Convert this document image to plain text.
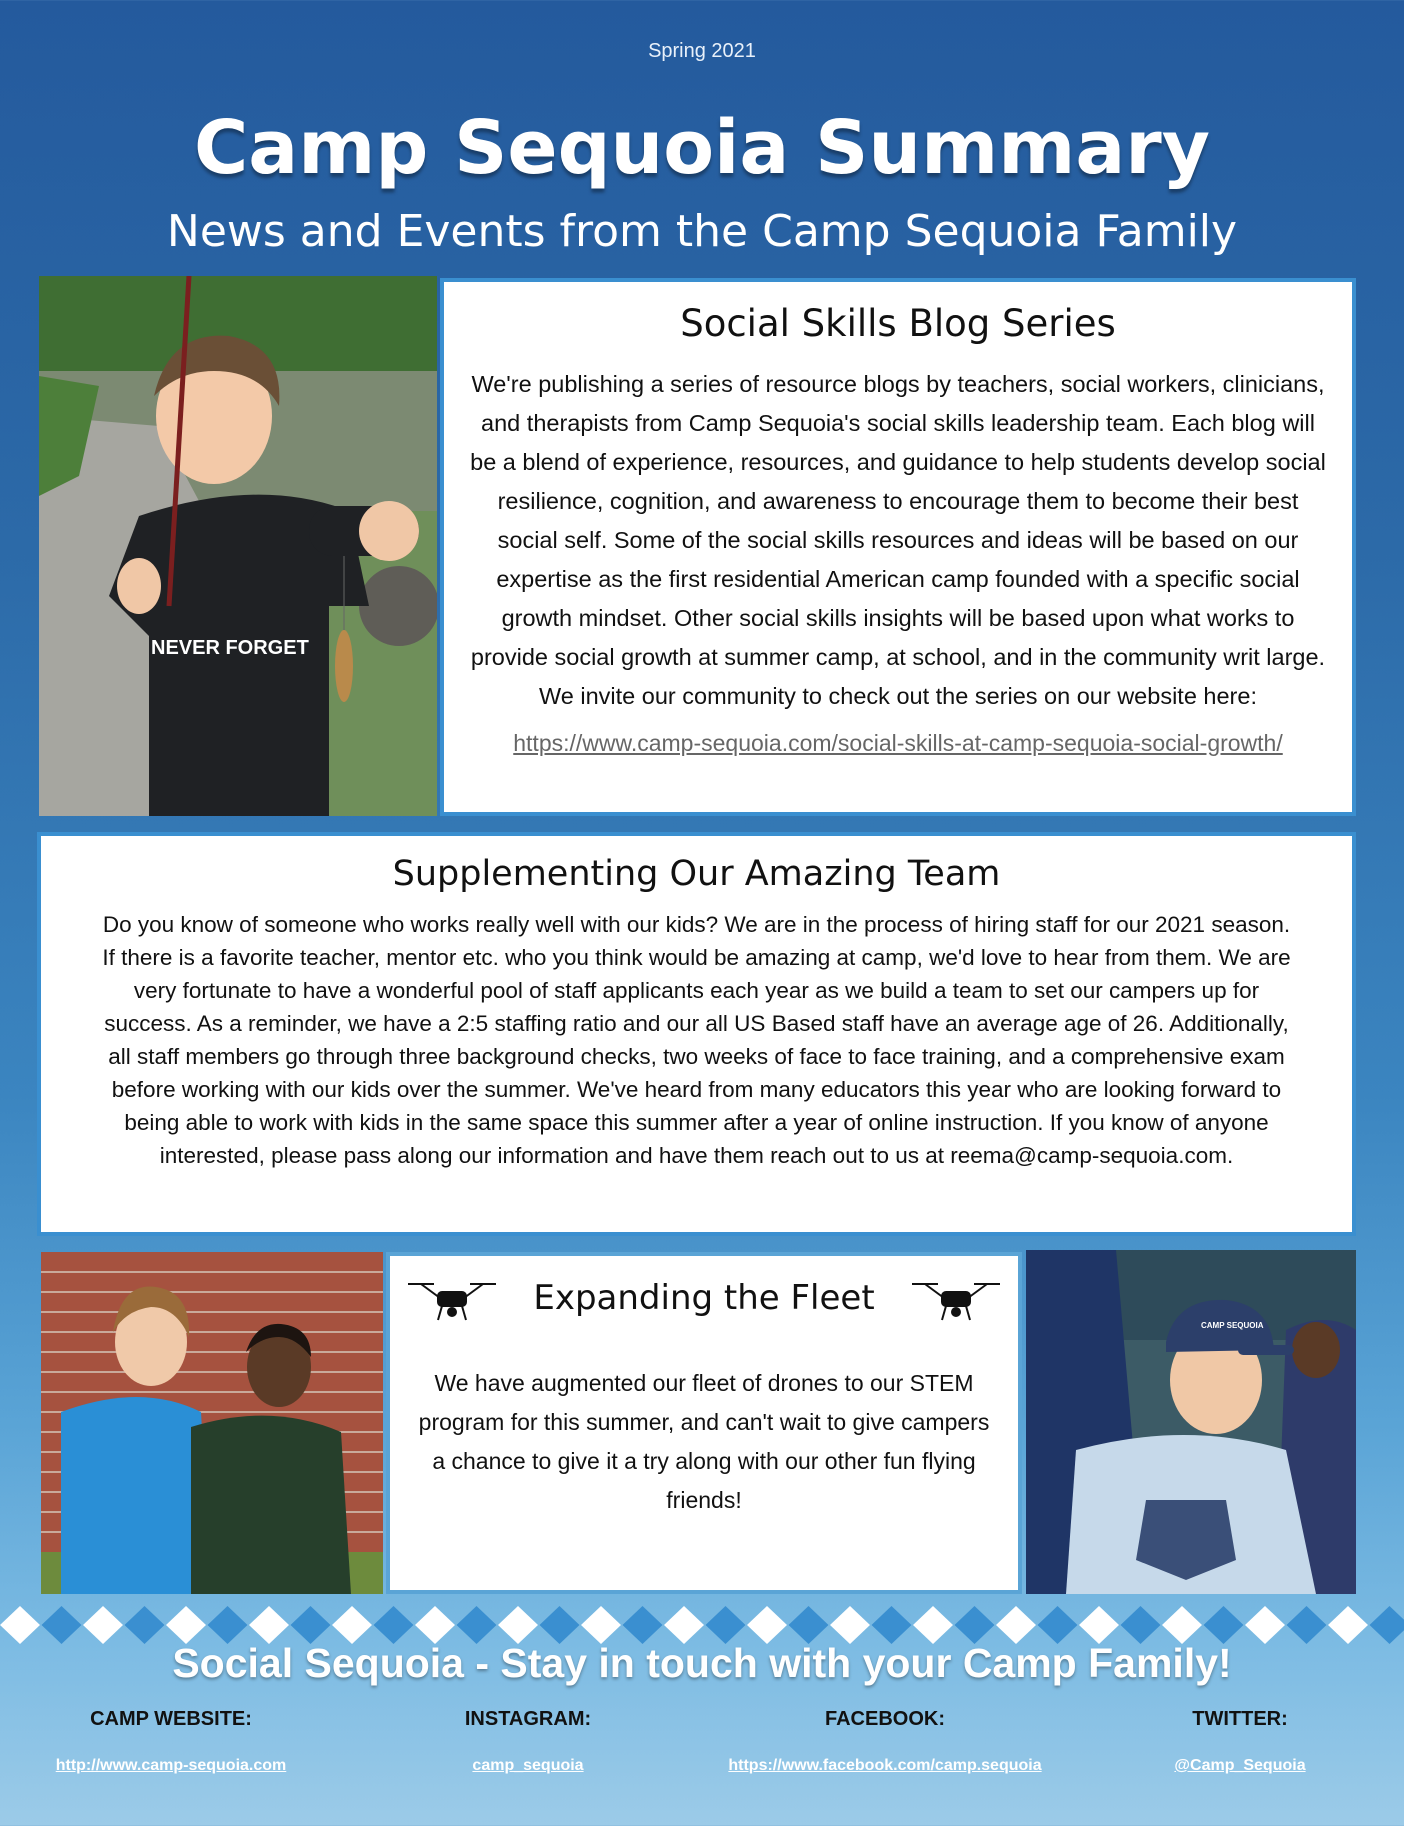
Spring 2021
Camp Sequoia Summary
News and Events from the Camp Sequoia Family
NEVER FORGET
Social Skills Blog Series
We're publishing a series of resource blogs by teachers, social workers, clinicians,
and therapists from Camp Sequoia's social skills leadership team. Each blog will
be a blend of experience, resources, and guidance to help students develop social
resilience, cognition, and awareness to encourage them to become their best
social self. Some of the social skills resources and ideas will be based on our
expertise as the first residential American camp founded with a specific social
growth mindset. Other social skills insights will be based upon what works to
provide social growth at summer camp, at school, and in the community writ large.
We invite our community to check out the series on our website here:
https://www.camp-sequoia.com/social-skills-at-camp-sequoia-social-growth/
Supplementing Our Amazing Team
Do you know of someone who works really well with our kids? We are in the process of hiring staff for our 2021 season.
If there is a favorite teacher, mentor etc. who you think would be amazing at camp, we'd love to hear from them. We are
very fortunate to have a wonderful pool of staff applicants each year as we build a team to set our campers up for
success. As a reminder, we have a 2:5 staffing ratio and our all US Based staff have an average age of 26. Additionally,
all staff members go through three background checks, two weeks of face to face training, and a comprehensive exam
before working with our kids over the summer. We've heard from many educators this year who are looking forward to
being able to work with kids in the same space this summer after a year of online instruction. If you know of anyone
interested, please pass along our information and have them reach out to us at reema@camp-sequoia.com.
Expanding the Fleet
We have augmented our fleet of drones to our STEM
program for this summer, and can't wait to give campers
a chance to give it a try along with our other fun flying
friends!
CAMP SEQUOIA
Social Sequoia - Stay in touch with your Camp Family!
CAMP WEBSITE:
http://www.camp-sequoia.com
INSTAGRAM:
camp_sequoia
FACEBOOK:
https://www.facebook.com/camp.sequoia
TWITTER:
@Camp_Sequoia
